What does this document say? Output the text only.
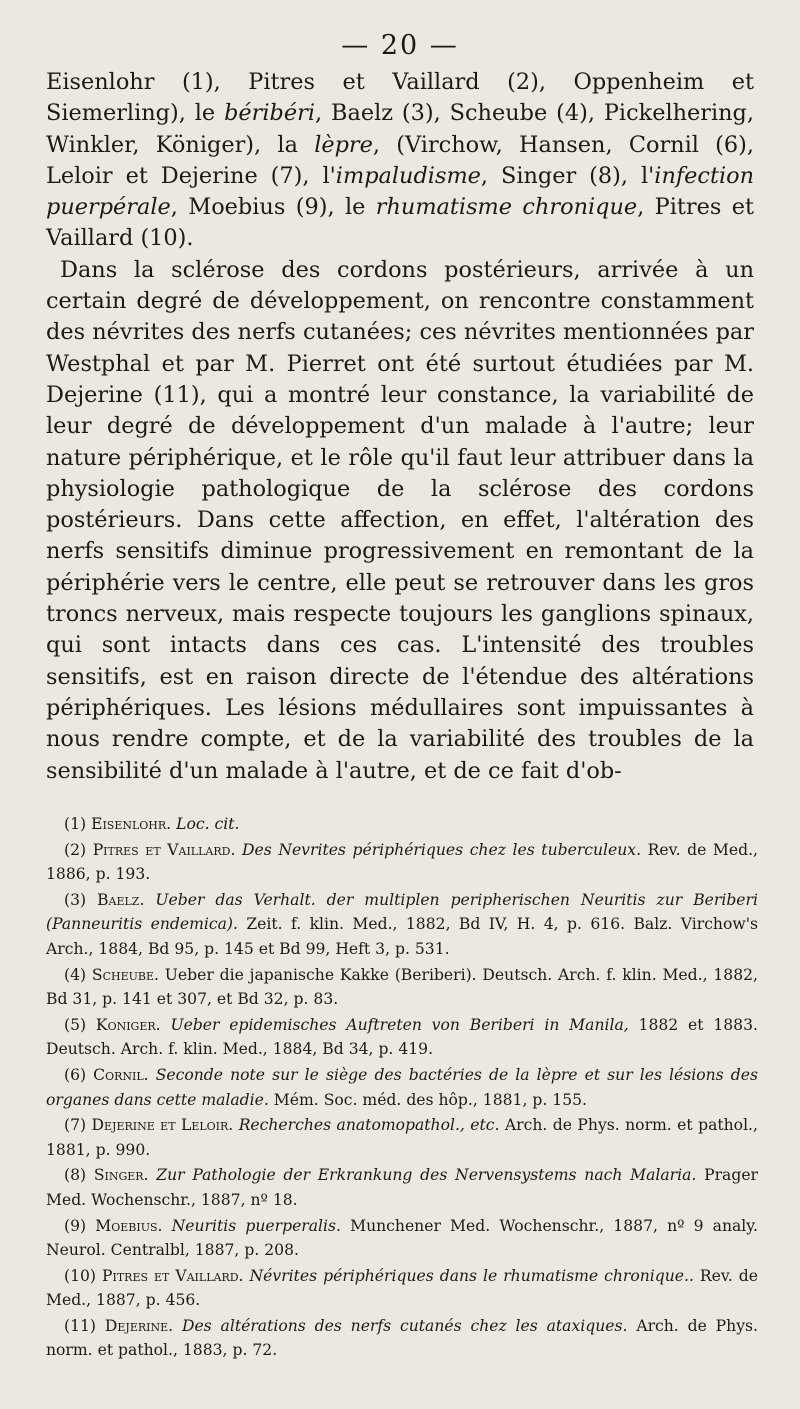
— 20 —

Eisenlohr (1), Pitres et Vaillard (2), Oppenheim et Siemerling), le béribéri, Baelz (3), Scheube (4), Pickelhering, Winkler, Königer), la lèpre, (Virchow, Hansen, Cornil (6), Leloir et Dejerine (7), l'impaludisme, Singer (8), l'infection puerpérale, Moebius (9), le rhumatisme chronique, Pitres et Vaillard (10).

Dans la sclérose des cordons postérieurs, arrivée à un certain degré de développement, on rencontre constamment des névrites des nerfs cutanées; ces névrites mentionnées par Westphal et par M. Pierret ont été surtout étudiées par M. Dejerine (11), qui a montré leur constance, la variabilité de leur degré de développement d'un malade à l'autre; leur nature périphérique, et le rôle qu'il faut leur attribuer dans la physiologie pathologique de la sclérose des cordons postérieurs. Dans cette affection, en effet, l'altération des nerfs sensitifs diminue progressivement en remontant de la périphérie vers le centre, elle peut se retrouver dans les gros troncs nerveux, mais respecte toujours les ganglions spinaux, qui sont intacts dans ces cas. L'intensité des troubles sensitifs, est en raison directe de l'étendue des altérations périphériques. Les lésions médullaires sont impuissantes à nous rendre compte, et de la variabilité des troubles de la sensibilité d'un malade à l'autre, et de ce fait d'ob-

(1) Eisenlohr. Loc. cit.

(2) Pitres et Vaillard. Des Nevrites périphériques chez les tuberculeux. Rev. de Med., 1886, p. 193.

(3) Baelz. Ueber das Verhalt. der multiplen peripherischen Neuritis zur Beriberi (Panneuritis endemica). Zeit. f. klin. Med., 1882, Bd IV, H. 4, p. 616. Balz. Virchow's Arch., 1884, Bd 95, p. 145 et Bd 99, Heft 3, p. 531.

(4) Scheube. Ueber die japanische Kakke (Beriberi). Deutsch. Arch. f. klin. Med., 1882, Bd 31, p. 141 et 307, et Bd 32, p. 83.

(5) Koniger. Ueber epidemisches Auftreten von Beriberi in Manila, 1882 et 1883. Deutsch. Arch. f. klin. Med., 1884, Bd 34, p. 419.

(6) Cornil. Seconde note sur le siège des bactéries de la lèpre et sur les lésions des organes dans cette maladie. Mém. Soc. méd. des hôp., 1881, p. 155.

(7) Dejerine et Leloir. Recherches anatomopathol., etc. Arch. de Phys. norm. et pathol., 1881, p. 990.

(8) Singer. Zur Pathologie der Erkrankung des Nervensystems nach Malaria. Prager Med. Wochenschr., 1887, nº 18.

(9) Moebius. Neuritis puerperalis. Munchener Med. Wochenschr., 1887, nº 9 analy. Neurol. Centralbl, 1887, p. 208.

(10) Pitres et Vaillard. Névrites périphériques dans le rhumatisme chronique.. Rev. de Med., 1887, p. 456.

(11) Dejerine. Des altérations des nerfs cutanés chez les ataxiques. Arch. de Phys. norm. et pathol., 1883, p. 72.
